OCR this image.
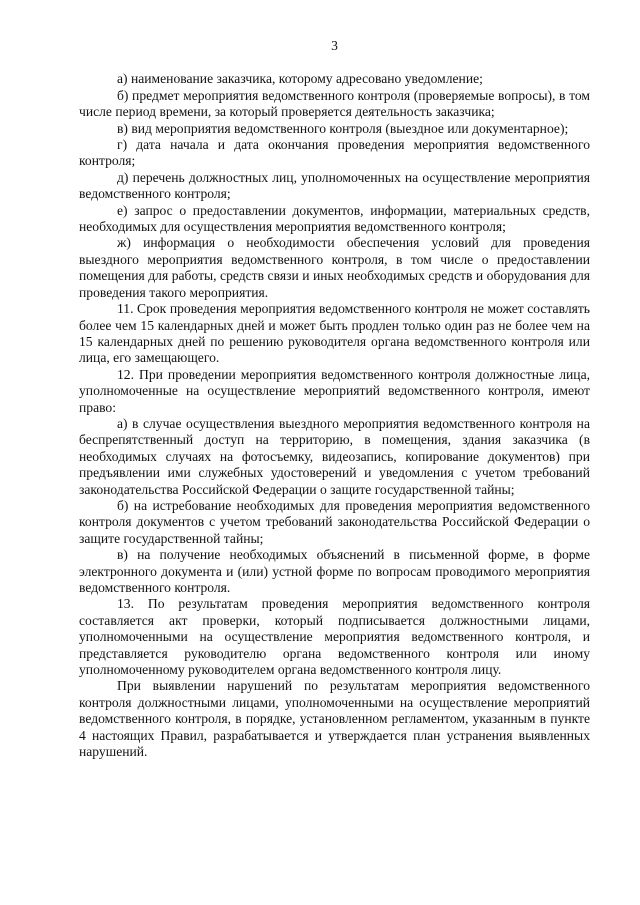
3

а) наименование заказчика, которому адресовано уведомление;

б) предмет мероприятия ведомственного контроля (проверяемые вопросы), в том числе период времени, за который проверяется деятельность заказчика;

в) вид мероприятия ведомственного контроля (выездное или документарное);

г) дата начала и дата окончания проведения мероприятия ведомственного контроля;

д) перечень должностных лиц, уполномоченных на осуществление мероприятия ведомственного контроля;

е) запрос о предоставлении документов, информации, материальных средств, необходимых для осуществления мероприятия ведомственного контроля;

ж) информация о необходимости обеспечения условий для проведения выездного мероприятия ведомственного контроля, в том числе о предоставлении помещения для работы, средств связи и иных необходимых средств и оборудования для проведения такого мероприятия.

11. Срок проведения мероприятия ведомственного контроля не может составлять более чем 15 календарных дней и может быть продлен только один раз не более чем на 15 календарных дней по решению руководителя органа ведомственного контроля или лица, его замещающего.

12. При проведении мероприятия ведомственного контроля должностные лица, уполномоченные на осуществление мероприятий ведомственного контроля, имеют право:

а) в случае осуществления выездного мероприятия ведомственного контроля на беспрепятственный доступ на территорию, в помещения, здания заказчика (в необходимых случаях на фотосъемку, видеозапись, копирование документов) при предъявлении ими служебных удостоверений и уведомления с учетом требований законодательства Российской Федерации о защите государственной тайны;

б) на истребование необходимых для проведения мероприятия ведомственного контроля документов с учетом требований законодательства Российской Федерации о защите государственной тайны;

в) на получение необходимых объяснений в письменной форме, в форме электронного документа и (или) устной форме по вопросам проводимого мероприятия ведомственного контроля.

13. По результатам проведения мероприятия ведомственного контроля составляется акт проверки, который подписывается должностными лицами, уполномоченными на осуществление мероприятия ведомственного контроля, и представляется руководителю органа ведомственного контроля или иному уполномоченному руководителем органа ведомственного контроля лицу.

При выявлении нарушений по результатам мероприятия ведомственного контроля должностными лицами, уполномоченными на осуществление мероприятий ведомственного контроля, в порядке, установленном регламентом, указанным в пункте 4 настоящих Правил, разрабатывается и утверждается план устранения выявленных нарушений.
